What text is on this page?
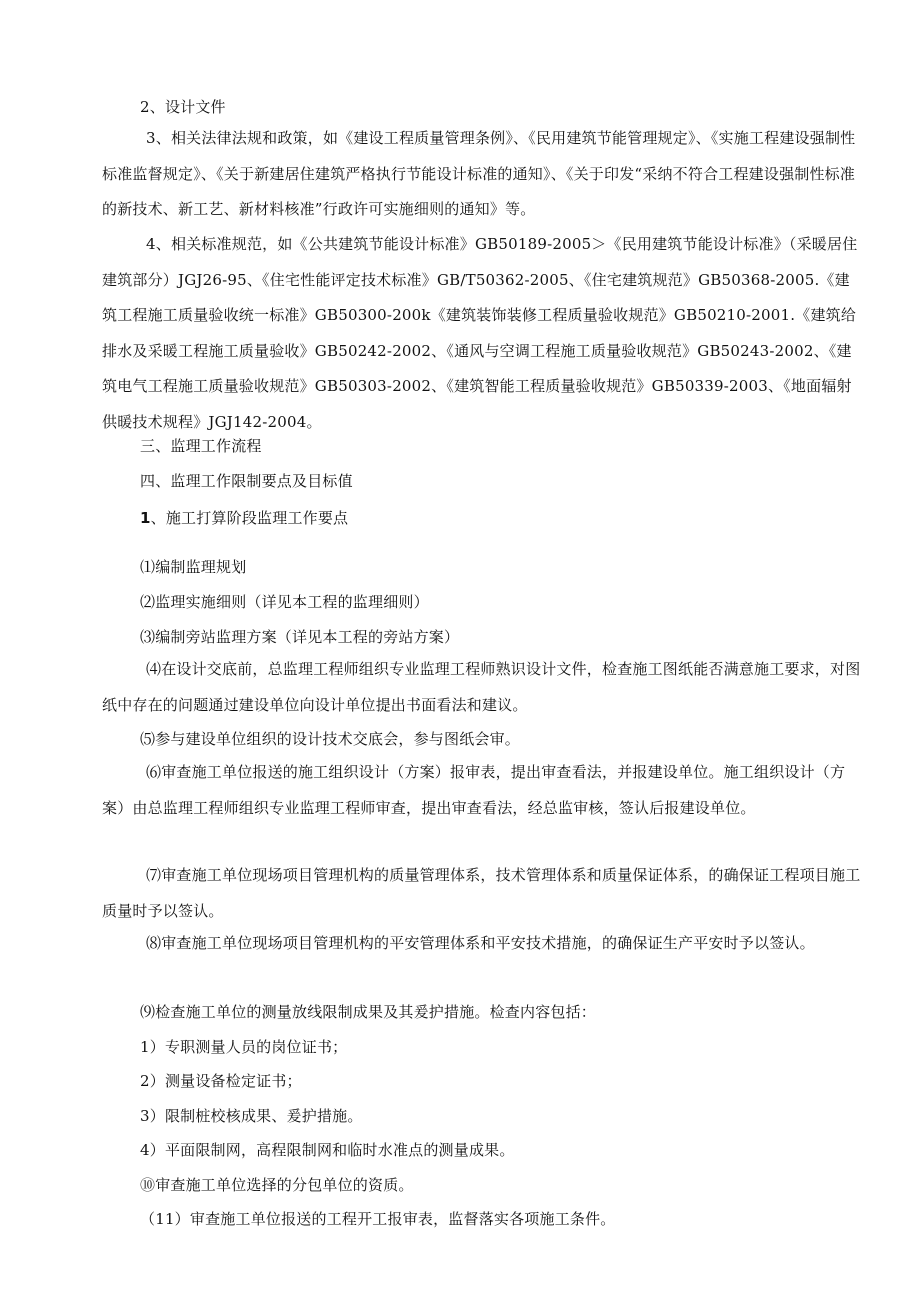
2、设计文件
3、相关法律法规和政策，如《建设工程质量管理条例》、《民用建筑节能管理规定》、《实施工程建设强制性标准监督规定》、《关于新建居住建筑严格执行节能设计标准的通知》、《关于印发“采纳不符合工程建设强制性标准的新技术、新工艺、新材料核准”行政许可实施细则的通知》等。
4、相关标准规范，如《公共建筑节能设计标准》GB50189-2005＞《民用建筑节能设计标准》（采暖居住建筑部分）JGJ26-95、《住宅性能评定技术标准》GB/T50362-2005、《住宅建筑规范》GB50368-2005.《建筑工程施工质量验收统一标准》GB50300-200k《建筑装饰装修工程质量验收规范》GB50210-2001.《建筑给排水及采暖工程施工质量验收》GB50242-2002、《通风与空调工程施工质量验收规范》GB50243-2002、《建筑电气工程施工质量验收规范》GB50303-2002、《建筑智能工程质量验收规范》GB50339-2003、《地面辐射供暖技术规程》JGJ142-2004。
三、监理工作流程
四、监理工作限制要点及目标值
1、施工打算阶段监理工作要点
⑴编制监理规划
⑵监理实施细则（详见本工程的监理细则）
⑶编制旁站监理方案（详见本工程的旁站方案）
⑷在设计交底前，总监理工程师组织专业监理工程师熟识设计文件，检查施工图纸能否满意施工要求，对图纸中存在的问题通过建设单位向设计单位提出书面看法和建议。
⑸参与建设单位组织的设计技术交底会，参与图纸会审。
⑹审查施工单位报送的施工组织设计（方案）报审表，提出审查看法，并报建设单位。施工组织设计（方案）由总监理工程师组织专业监理工程师审查，提出审查看法，经总监审核，签认后报建设单位。
⑺审查施工单位现场项目管理机构的质量管理体系，技术管理体系和质量保证体系，的确保证工程项目施工质量时予以签认。
⑻审查施工单位现场项目管理机构的平安管理体系和平安技术措施，的确保证生产平安时予以签认。
⑼检查施工单位的测量放线限制成果及其爰护措施。检查内容包括：
1）专职测量人员的岗位证书；
2）测量设备检定证书；
3）限制桩校核成果、爰护措施。
4）平面限制网，高程限制网和临时水准点的测量成果。
⑩审查施工单位选择的分包单位的资质。
（11）审查施工单位报送的工程开工报审表，监督落实各项施工条件。
